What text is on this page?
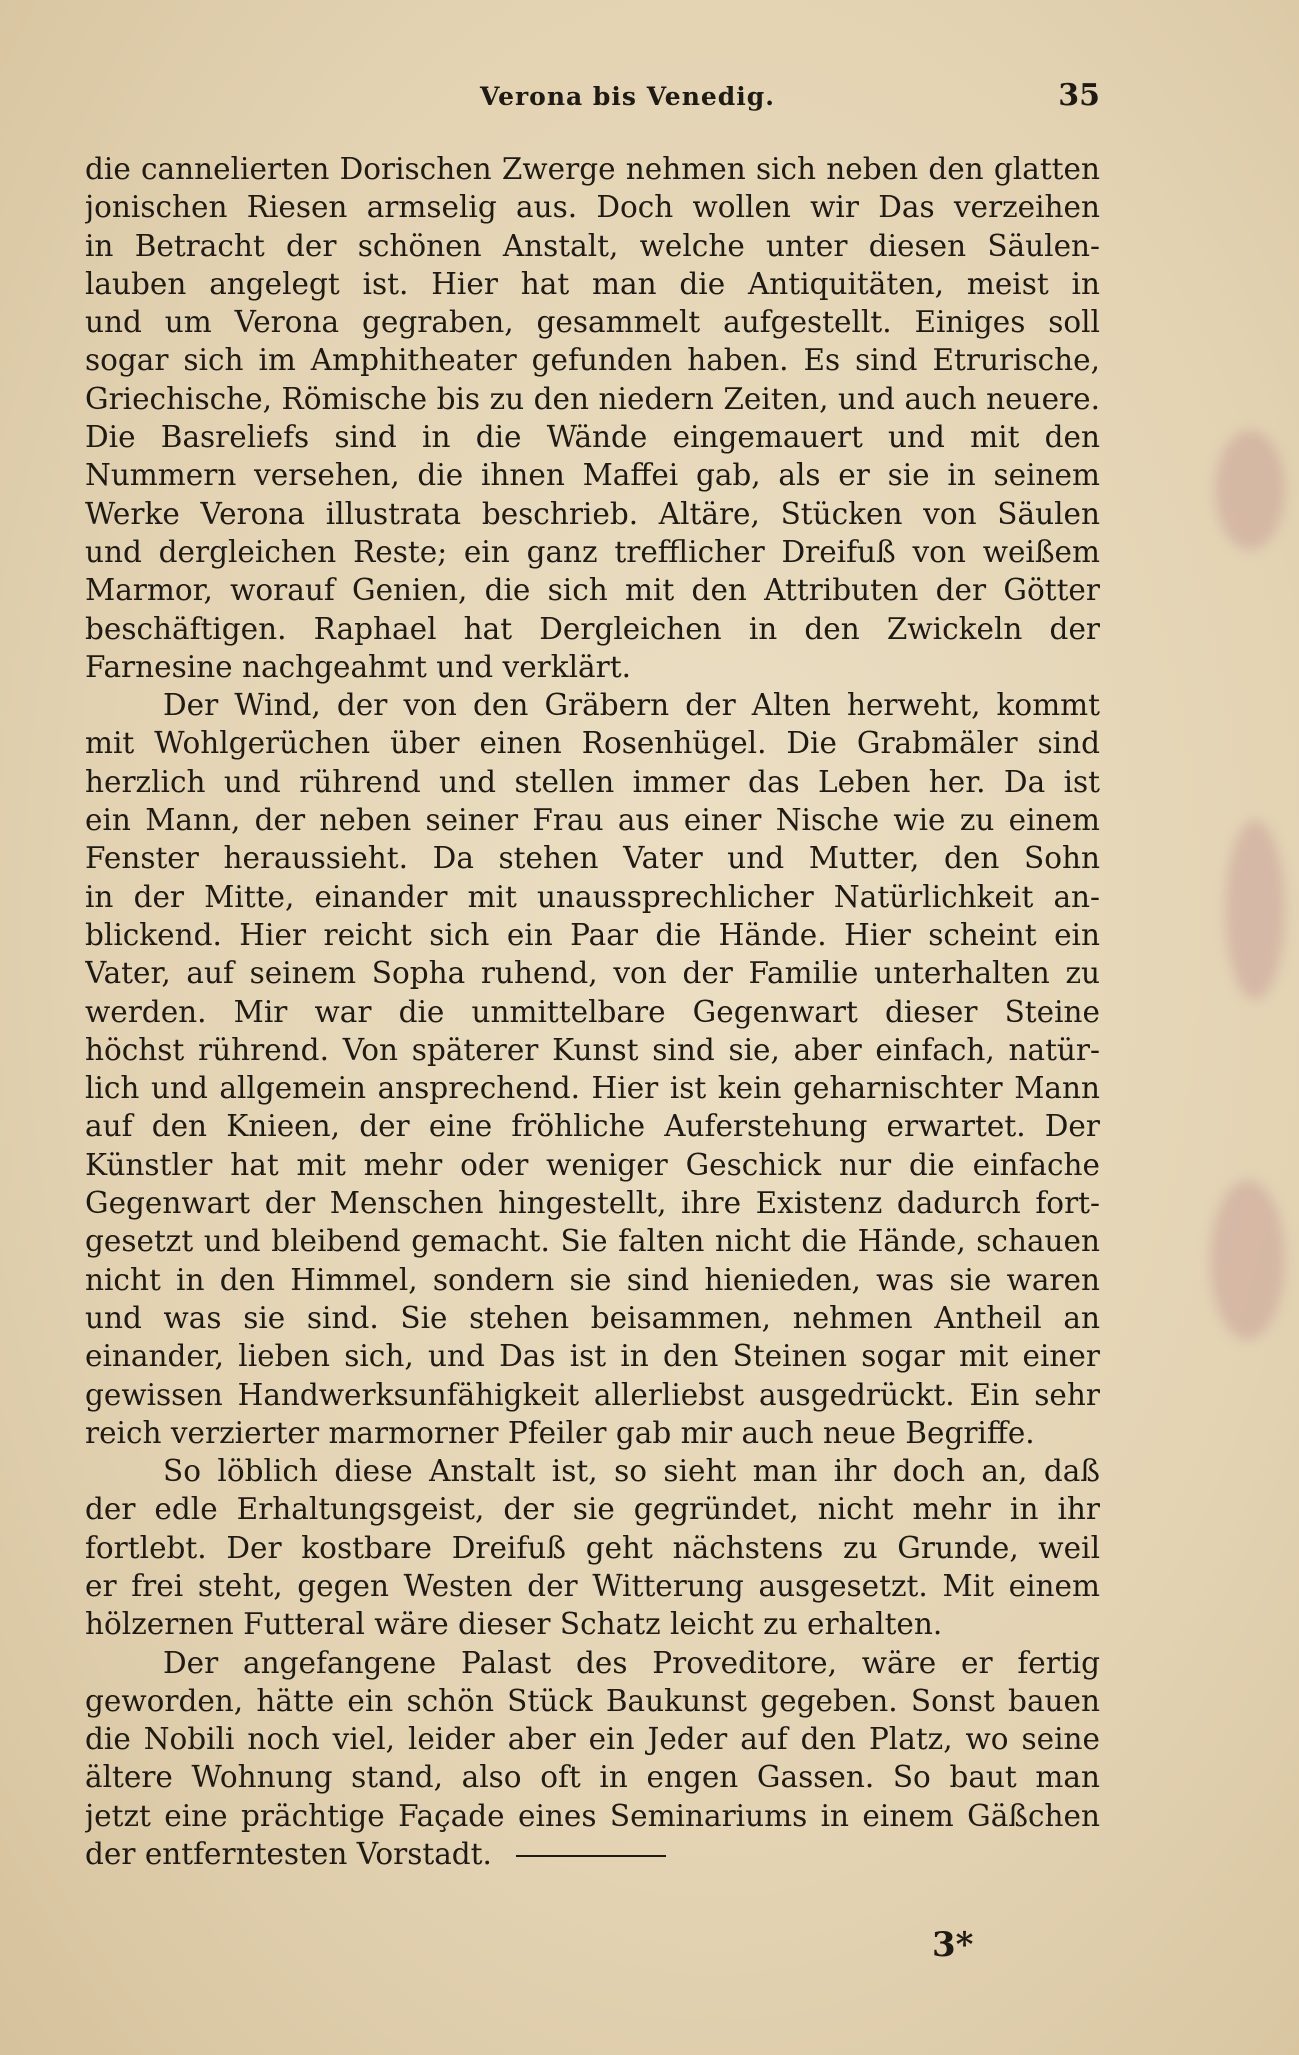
Verona bis Venedig.	35
die cannelierten Dorischen Zwerge nehmen sich neben den glatten
jonischen Riesen armselig aus. Doch wollen wir Das verzeihen
in Betracht der schönen Anstalt, welche unter diesen Säulen-
lauben angelegt ist. Hier hat man die Antiquitäten, meist in
und um Verona gegraben, gesammelt aufgestellt. Einiges soll
sogar sich im Amphitheater gefunden haben. Es sind Etrurische,
Griechische, Römische bis zu den niedern Zeiten, und auch neuere.
Die Basreliefs sind in die Wände eingemauert und mit den
Nummern versehen, die ihnen Maffei gab, als er sie in seinem
Werke Verona illustrata beschrieb. Altäre, Stücken von Säulen
und dergleichen Reste; ein ganz trefflicher Dreifuß von weißem
Marmor, worauf Genien, die sich mit den Attributen der Götter
beschäftigen. Raphael hat Dergleichen in den Zwickeln der
Farnesine nachgeahmt und verklärt.
Der Wind, der von den Gräbern der Alten herweht, kommt
mit Wohlgerüchen über einen Rosenhügel. Die Grabmäler sind
herzlich und rührend und stellen immer das Leben her. Da ist
ein Mann, der neben seiner Frau aus einer Nische wie zu einem
Fenster heraussieht. Da stehen Vater und Mutter, den Sohn
in der Mitte, einander mit unaussprechlicher Natürlichkeit an-
blickend. Hier reicht sich ein Paar die Hände. Hier scheint ein
Vater, auf seinem Sopha ruhend, von der Familie unterhalten zu
werden. Mir war die unmittelbare Gegenwart dieser Steine
höchst rührend. Von späterer Kunst sind sie, aber einfach, natür-
lich und allgemein ansprechend. Hier ist kein geharnischter Mann
auf den Knieen, der eine fröhliche Auferstehung erwartet. Der
Künstler hat mit mehr oder weniger Geschick nur die einfache
Gegenwart der Menschen hingestellt, ihre Existenz dadurch fort-
gesetzt und bleibend gemacht. Sie falten nicht die Hände, schauen
nicht in den Himmel, sondern sie sind hienieden, was sie waren
und was sie sind. Sie stehen beisammen, nehmen Antheil an
einander, lieben sich, und Das ist in den Steinen sogar mit einer
gewissen Handwerksunfähigkeit allerliebst ausgedrückt. Ein sehr
reich verzierter marmorner Pfeiler gab mir auch neue Begriffe.
So löblich diese Anstalt ist, so sieht man ihr doch an, daß
der edle Erhaltungsgeist, der sie gegründet, nicht mehr in ihr
fortlebt. Der kostbare Dreifuß geht nächstens zu Grunde, weil
er frei steht, gegen Westen der Witterung ausgesetzt. Mit einem
hölzernen Futteral wäre dieser Schatz leicht zu erhalten.
Der angefangene Palast des Proveditore, wäre er fertig
geworden, hätte ein schön Stück Baukunst gegeben. Sonst bauen
die Nobili noch viel, leider aber ein Jeder auf den Platz, wo seine
ältere Wohnung stand, also oft in engen Gassen. So baut man
jetzt eine prächtige Façade eines Seminariums in einem Gäßchen
der entferntesten Vorstadt.
3*
